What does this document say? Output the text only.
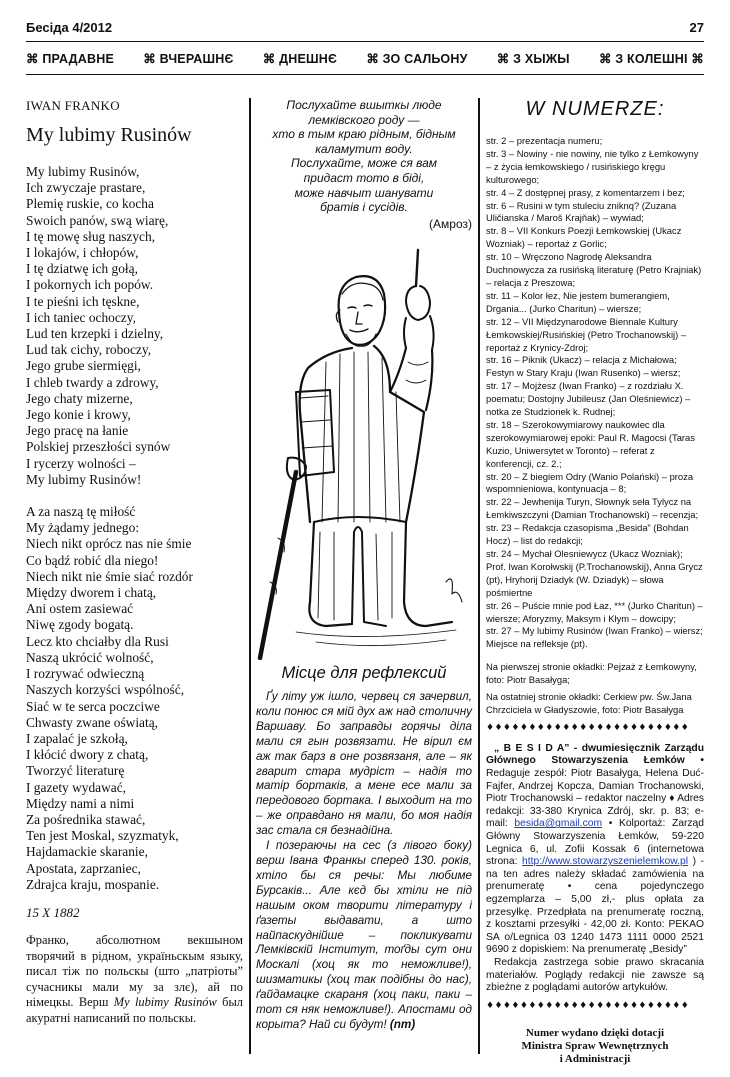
Бесіда 4/2012	27
⌘ ПРАДАВНЕ ⌘ ВЧЕРАШНЄ ⌘ ДНЕШНЄ ⌘ ЗО САЛЬОНУ ⌘ З ХЫЖЫ ⌘ З КОЛЕШНІ ⌘
IWAN FRANKO
My lubimy Rusinów
My lubimy Rusinów,
Ich zwyczaje prastare,
Plemię ruskie, co kocha
Swoich panów, swą wiarę,
I tę mowę sług naszych,
I lokajów, i chłopów,
I tę dziatwę ich gołą,
I pokornych ich popów.
I te pieśni ich tęskne,
I ich taniec ochoczy,
Lud ten krzepki i dzielny,
Lud tak cichy, roboczy,
Jego grube siermięgi,
I chleb twardy a zdrowy,
Jego chaty mizerne,
Jego konie i krowy,
Jego pracę na łanie
Polskiej przeszłości synów
I rycerzy wolności –
My lubimy Rusinów!
A za naszą tę miłość
My żądamy jednego:
Niech nikt oprócz nas nie śmie
Co bądź robić dla niego!
Niech nikt nie śmie siać rozdór
Między dworem i chatą,
Ani ostem zasiewać
Niwę zgody bogatą.
Lecz kto chciałby dla Rusi
Naszą ukrócić wolność,
I rozrywać odwieczną
Naszych korzyści wspólność,
Siać w te serca poczciwe
Chwasty zwane oświatą,
I zapalać je szkołą,
I kłócić dwory z chatą,
Tworzyć literaturę
I gazety wydawać,
Między nami a nimi
Za pośrednika stawać,
Ten jest Moskal, szyzmatyk,
Hajdamackie skaranie,
Apostata, zaprzaniec,
Zdrajca kraju, mospanie.
15 X 1882
Франко, абсолютном векшыном творячий в рідном, україньскым языку, писал тіж по польскы (што „патріоты” сучасникы мали му за злє), ай по німецкы. Верш My lubimy Rusinów был акуратні написаний по польскы.
Послухайте вшыткы люде
лемківского роду —
хто в тым краю рідным, бідным
каламутит воду.
Послухайте, може ся вам
придаст тото в біді,
може навчыт шанувати
братів і сусідів.
(Амроз)
Місце для рефлексий

Ґу літу уж ішло, червец ся зачервил, коли понюс ся мій дух аж над столичну Варшаву. Бо заправды горячы діла мали ся гын розвязати. Не вірил єм аж так барз в онe розвязаня, але – як гварит стара мудріст – надія то матір бортаків, а мене есе мали за передового бортака. І выходит на то – же оправдано ня мали, бо моя надія зас стала ся безнадійна.

І позераючы на сес (з лівого боку) верш Івана Франкы сперед 130. років, хтіло бы ся речы: Мы любиме Бурсаків... Але кєд бы хтіли не під нашым оком творити літературу і ґазеты выдавати, а што найпаскуднійше – покликувати Лемківскій Інститут, тоґды сут они Москалі (хоц як то неможливе!), шизматикы (хоц так подібны до нас), ґайдамацке скараня (хоц паки, паки – тот ся няк неможливе!). Апостами од корыта? Най си будут! (nm)

W NUMERZE:
str. 2 – prezentacja numeru;
str. 3 – Nowiny - nie nowiny, nie tylko z Łemkowyny – z życia łemkowskiego / rusińskiego kręgu kulturowego;
str. 4 – Z dostępnej prasy, z komentarzem i bez;
str. 6 – Rusini w tym stuleciu zniknq? (Zuzana Uličianska / Maroš Krajňak) – wywiad;
str. 8 – VII Konkurs Poezji Łemkowskiej (Ukacz Wozniak) – reportaż z Gorlic;
str. 10 – Wręczono Nagrodę Aleksandra Duchnowycza za rusińską literaturę (Petro Krajniak) – relacja z Preszowa;
str. 11 – Kolor łez, Nie jestem bumerangiem, Drgania... (Jurko Charitun) – wiersze;
str. 12 – VII Międzynarodowe Biennale Kultury Łemkowskiej/Rusińskiej (Petro Trochanowskij) – reportaż z Krynicy-Zdroj;
str. 16 – Piknik (Ukacz) – relacja z Michałowa; Festyn w Stary Kraju (Iwan Rusenko) – wiersz;
str. 17 – Mojżesz (Iwan Franko) – z rozdziału X. poematu; Dostojny Jubileusz (Jan Oleśniewicz) – notka ze Studzionek k. Rudnej;
str. 18 – Szerokowymiarowy naukowiec dla szerokowymiarowej epoki: Paul R. Magocsi (Taras Kuzio, Uniwersytet w Toronto) – referat z konferencji, cz. 2.;
str. 20 – Z biegiem Odry (Wanio Polański) – proza wspomnieniowa, kontynuacja – 8;
str. 22 – Jewhenija Turyn, Słownyk seła Tylycz na Łemkiwszczyni (Damian Trochanowski) – recenzja;
str. 23 – Redakcja czasopisma „Besida” (Bohdan Hocz) – list do redakcji;
str. 24 – Mychał Olesniewycz (Ukacz Wozniak); Prof. Iwan Korołwskij (P.Trochanowskij), Anna Grycz (pt), Hryhorij Dziadyk (W. Dziadyk) – słowa pośmiertne
str. 26 – Puście mnie pod Łaz, *** (Jurko Charitun) – wiersze; Aforyzmy, Maksym i Kłym – dowcipy;
str. 27 – My lubimy Rusinów (Iwan Franko) – wiersz; Miejsce na refleksje (pt).
Na pierwszej stronie okładki: Pejzaż z Łemkowyny, foto: Piotr Basałyga;
Na ostatniej stronie okładki: Cerkiew pw. Św.Jana Chrzciciela w Gładyszowie, foto: Piotr Basałyga
♦♦♦♦♦♦♦♦♦♦♦♦♦♦♦♦♦♦♦♦♦♦♦♦

„ B E S I D A” - dwumiesięcznik Zarządu Głównego Stowarzyszenia Łemków • Redaguje zespół: Piotr Basałyga, Helena Duć-Fajfer, Andrzej Kopcza, Damian Trochanowski, Piotr Trochanowski – redaktor naczelny ♦ Adres redakcji: 33-380 Krynica Zdrój, skr. p. 83; e-mail: besida@gmail.com • Kolportaż: Zarząd Główny Stowarzyszenia Łemków, 59-220 Legnica 6, ul. Zofii Kossak 6 (internetowa strona: http://www.stowarzyszenielemkow.pl ) - na ten adres należy składać zamówienia na prenumeratę • cena pojedynczego egzemplarza – 5,00 zł,- plus opłata za przesyłkę. Przedpłata na prenumeratę roczną, z kosztami przesyłki - 42,00 zł. Konto: PEKAO SA o/Legnica 03 1240 1473 1111 0000 2521 9690 z dopiskiem: Na prenumeratę „Besidy”

Redakcja zastrzega sobie prawo skracania materiałów. Poglądy redakcji nie zawsze są zbieżne z poglądami autorów artykułów.

♦♦♦♦♦♦♦♦♦♦♦♦♦♦♦♦♦♦♦♦♦♦♦♦
Numer wydano dzięki dotacji
Ministra Spraw Wewnętrznych
i Administracji
